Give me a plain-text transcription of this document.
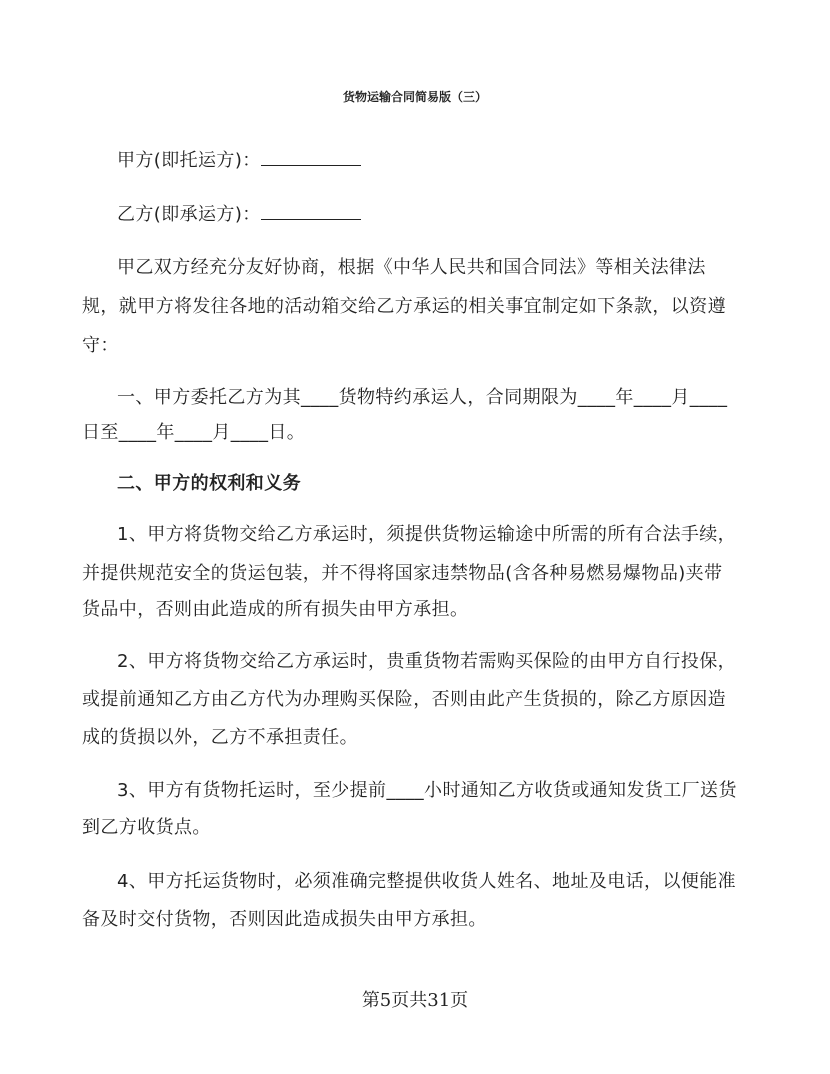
货物运输合同简易版（三）
甲方(即托运方)：
乙方(即承运方)：
甲乙双方经充分友好协商，根据《中华人民共和国合同法》等相关法律法
规，就甲方将发往各地的活动箱交给乙方承运的相关事宜制定如下条款，以资遵
守：
一、甲方委托乙方为其____货物特约承运人，合同期限为____年____月____
日至____年____月____日。
二、甲方的权利和义务
1、甲方将货物交给乙方承运时，须提供货物运输途中所需的所有合法手续，
并提供规范安全的货运包装，并不得将国家违禁物品(含各种易燃易爆物品)夹带
货品中，否则由此造成的所有损失由甲方承担。
2、甲方将货物交给乙方承运时，贵重货物若需购买保险的由甲方自行投保，
或提前通知乙方由乙方代为办理购买保险，否则由此产生货损的，除乙方原因造
成的货损以外，乙方不承担责任。
3、甲方有货物托运时，至少提前____小时通知乙方收货或通知发货工厂送货
到乙方收货点。
4、甲方托运货物时，必须准确完整提供收货人姓名、地址及电话，以便能准
备及时交付货物，否则因此造成损失由甲方承担。
第5页共31页
